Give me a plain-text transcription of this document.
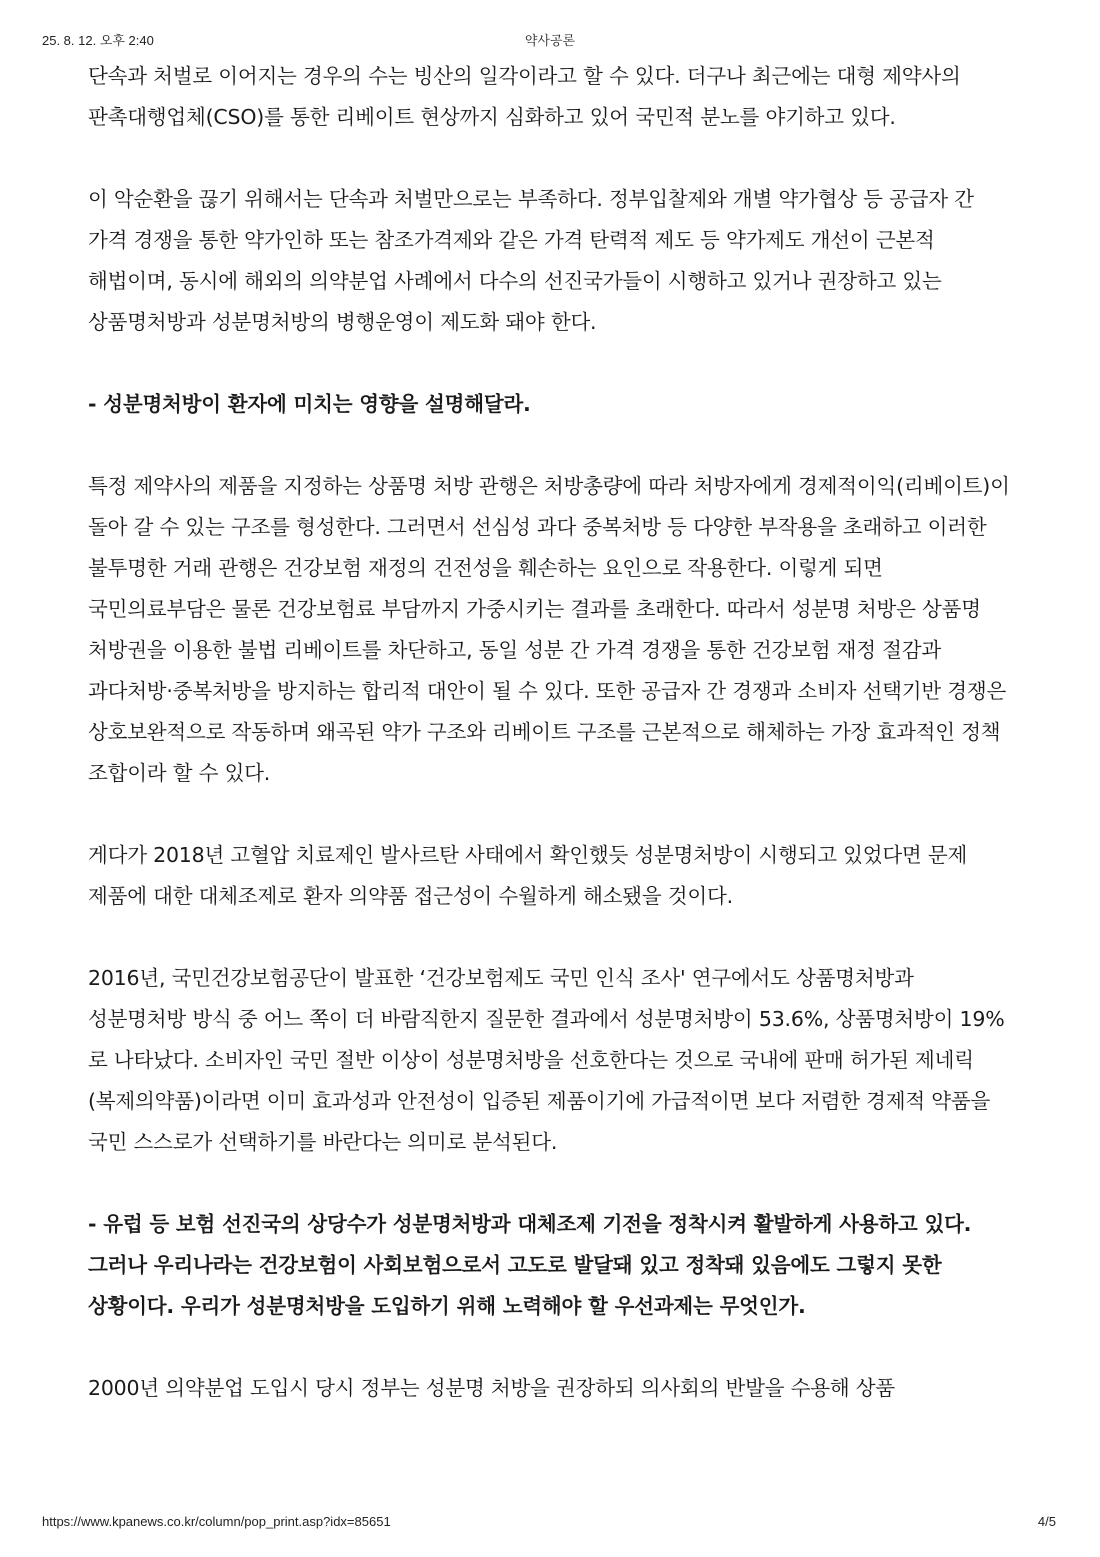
25. 8. 12. 오후 2:40	약사공론

단속과 처벌로 이어지는 경우의 수는 빙산의 일각이라고 할 수 있다. 더구나 최근에는 대형 제약사의 판촉대행업체(CSO)를 통한 리베이트 현상까지 심화하고 있어 국민적 분노를 야기하고 있다.

이 악순환을 끊기 위해서는 단속과 처벌만으로는 부족하다. 정부입찰제와 개별 약가협상 등 공급자 간 가격 경쟁을 통한 약가인하 또는 참조가격제와 같은 가격 탄력적 제도 등 약가제도 개선이 근본적 해법이며, 동시에 해외의 의약분업 사례에서 다수의 선진국가들이 시행하고 있거나 권장하고 있는 상품명처방과 성분명처방의 병행운영이 제도화 돼야 한다.

- 성분명처방이 환자에 미치는 영향을 설명해달라.

특정 제약사의 제품을 지정하는 상품명 처방 관행은 처방총량에 따라 처방자에게 경제적이익(리베이트)이 돌아 갈 수 있는 구조를 형성한다. 그러면서 선심성 과다 중복처방 등 다양한 부작용을 초래하고 이러한 불투명한 거래 관행은 건강보험 재정의 건전성을 훼손하는 요인으로 작용한다. 이렇게 되면 국민의료부담은 물론 건강보험료 부담까지 가중시키는 결과를 초래한다. 따라서 성분명 처방은 상품명 처방권을 이용한 불법 리베이트를 차단하고, 동일 성분 간 가격 경쟁을 통한 건강보험 재정 절감과 과다처방·중복처방을 방지하는 합리적 대안이 될 수 있다. 또한 공급자 간 경쟁과 소비자 선택기반 경쟁은 상호보완적으로 작동하며 왜곡된 약가 구조와 리베이트 구조를 근본적으로 해체하는 가장 효과적인 정책 조합이라 할 수 있다.

게다가 2018년 고혈압 치료제인 발사르탄 사태에서 확인했듯 성분명처방이 시행되고 있었다면 문제 제품에 대한 대체조제로 환자 의약품 접근성이 수월하게 해소됐을 것이다.

2016년, 국민건강보험공단이 발표한 ‘건강보험제도 국민 인식 조사' 연구에서도 상품명처방과 성분명처방 방식 중 어느 쪽이 더 바람직한지 질문한 결과에서 성분명처방이 53.6%, 상품명처방이 19%로 나타났다. 소비자인 국민 절반 이상이 성분명처방을 선호한다는 것으로 국내에 판매 허가된 제네릭(복제의약품)이라면 이미 효과성과 안전성이 입증된 제품이기에 가급적이면 보다 저렴한 경제적 약품을 국민 스스로가 선택하기를 바란다는 의미로 분석된다.

- 유럽 등 보험 선진국의 상당수가 성분명처방과 대체조제 기전을 정착시켜 활발하게 사용하고 있다. 그러나 우리나라는 건강보험이 사회보험으로서 고도로 발달돼 있고 정착돼 있음에도 그렇지 못한 상황이다. 우리가 성분명처방을 도입하기 위해 노력해야 할 우선과제는 무엇인가.

2000년 의약분업 도입시 당시 정부는 성분명 처방을 권장하되 의사회의 반발을 수용해 상품

https://www.kpanews.co.kr/column/pop_print.asp?idx=85651	4/5
